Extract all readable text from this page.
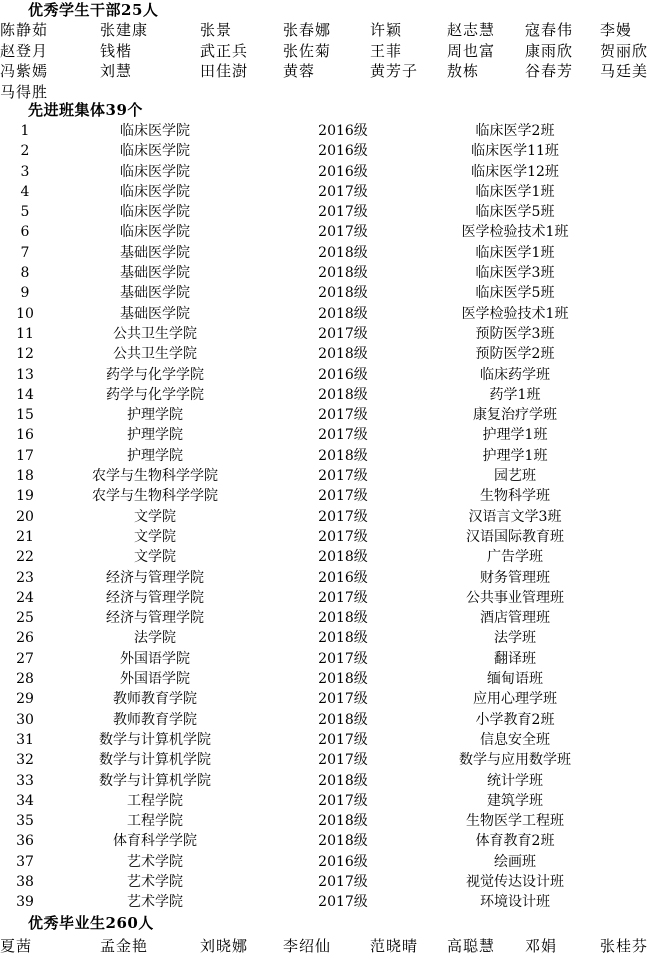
优秀学生干部25人
陈静茹	张建康	张景	张春娜	许颖	赵志慧 寇春伟 李嫚
赵登月	钱楷	武正兵 张佐菊	王菲	周也富 康雨欣 贺丽欣
冯紫嫣	刘慧	田佳澍 黄蓉	黄芳子 敖栋	谷春芳 马廷美
马得胜
先进班集体39个
1	临床医学院	2016级	临床医学2班
2	临床医学院	2016级	临床医学11班
3	临床医学院	2016级	临床医学12班
4	临床医学院	2017级	临床医学1班
5	临床医学院	2017级	临床医学5班
6	临床医学院	2017级	医学检验技术1班
7	基础医学院	2018级	临床医学1班
8	基础医学院	2018级	临床医学3班
9	基础医学院	2018级	临床医学5班
10	基础医学院	2018级	医学检验技术1班
11	公共卫生学院	2017级	预防医学3班
12	公共卫生学院	2018级	预防医学2班
13	药学与化学学院	2016级	临床药学班
14	药学与化学学院	2018级	药学1班
15	护理学院	2017级	康复治疗学班
16	护理学院	2017级	护理学1班
17	护理学院	2018级	护理学1班
18	农学与生物科学学院	2017级	园艺班
19	农学与生物科学学院	2017级	生物科学班
20	文学院	2017级	汉语言文学3班
21	文学院	2017级	汉语国际教育班
22	文学院	2018级	广告学班
23	经济与管理学院	2016级	财务管理班
24	经济与管理学院	2017级	公共事业管理班
25	经济与管理学院	2018级	酒店管理班
26	法学院	2018级	法学班
27	外国语学院	2017级	翻译班
28	外国语学院	2018级	缅甸语班
29	教师教育学院	2017级	应用心理学班
30	教师教育学院	2018级	小学教育2班
31	数学与计算机学院	2017级	信息安全班
32	数学与计算机学院	2017级	数学与应用数学班
33	数学与计算机学院	2018级	统计学班
34	工程学院	2017级	建筑学班
35	工程学院	2018级	生物医学工程班
36	体育科学学院	2018级	体育教育2班
37	艺术学院	2016级	绘画班
38	艺术学院	2017级	视觉传达设计班
39	艺术学院	2017级	环境设计班
优秀毕业生260人
夏茜	孟金艳	刘晓娜 李绍仙	范晓晴 高聪慧 邓娟	张桂芬
